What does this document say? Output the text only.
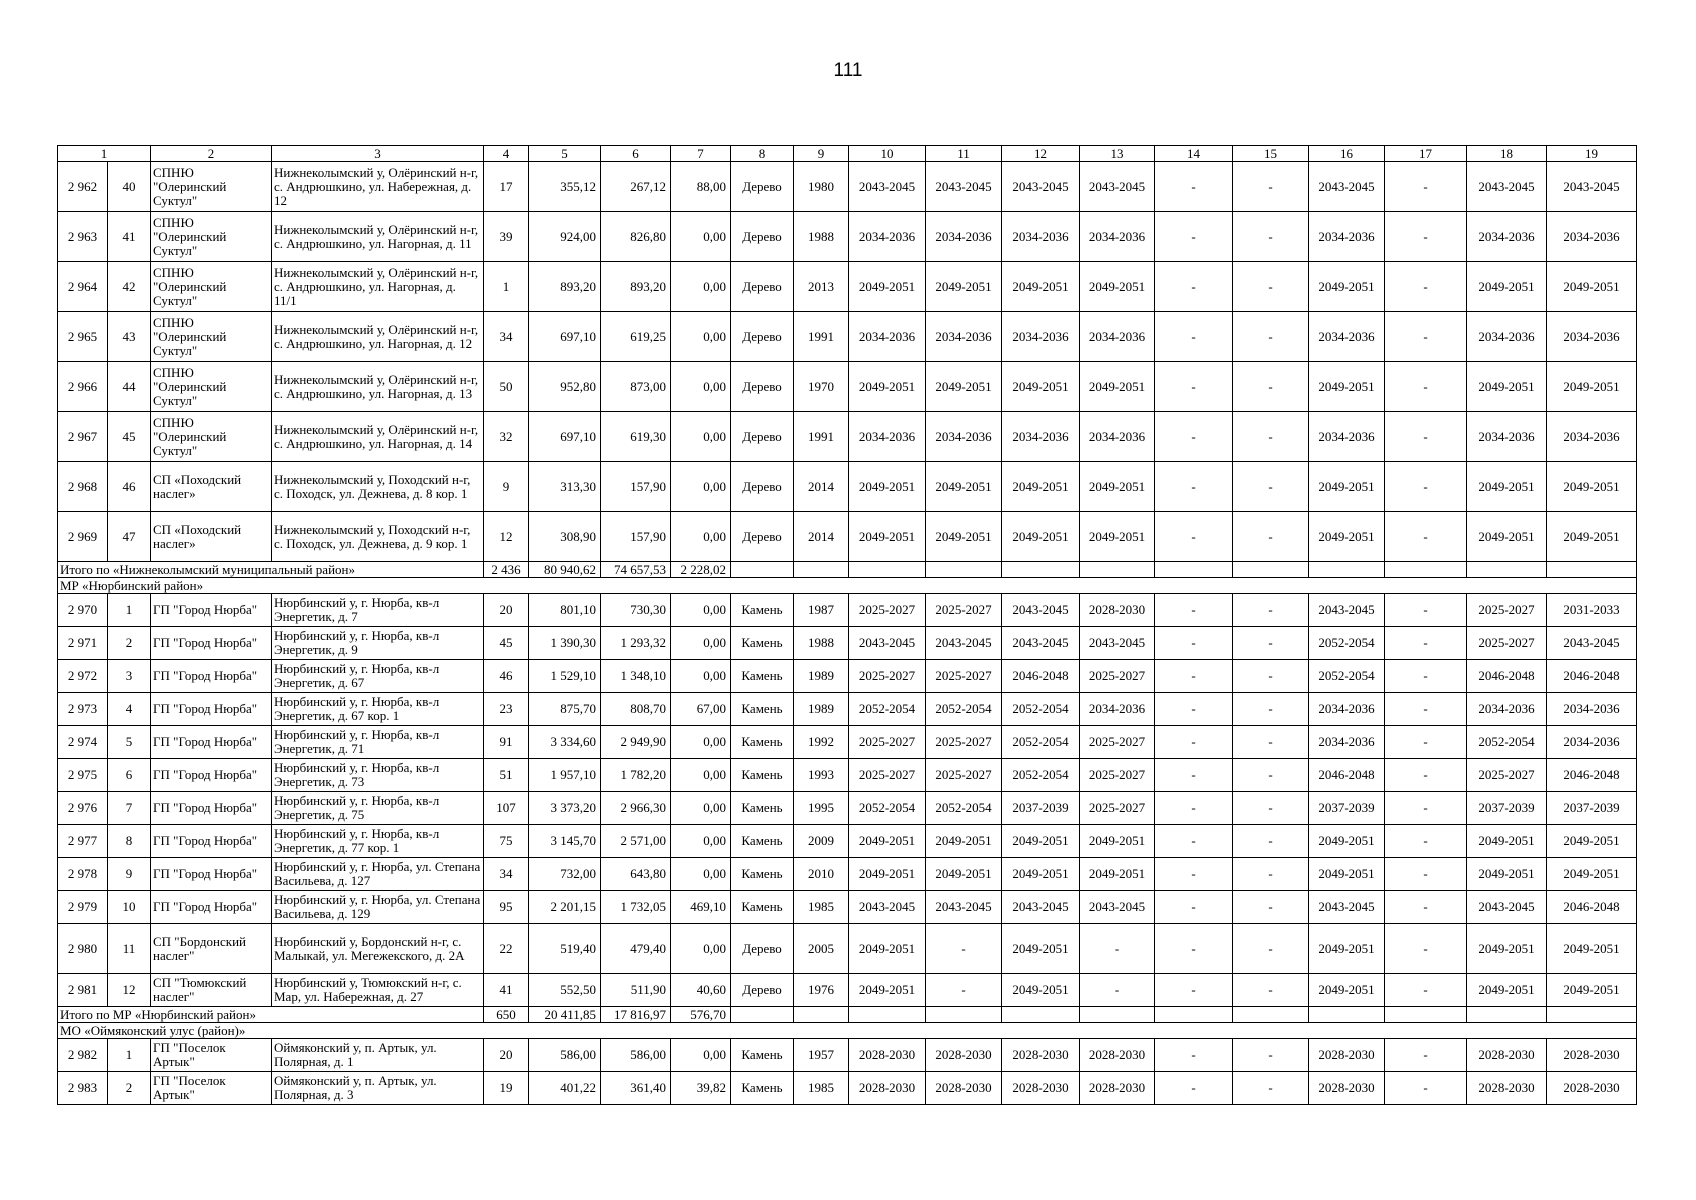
111
1		2	3	4	5	6	7	8	9	10	11	12	13	14	15	16	17	18	19
2 962	40	СПНЮ "Олеринский Суктул"	Нижнеколымский у, Олёринский н-г, с. Андрюшкино, ул. Набережная, д. 12	17	355,12	267,12	88,00	Дерево	1980	2043-2045	2043-2045	2043-2045	2043-2045	-	-	2043-2045	-	2043-2045	2043-2045
2 963	41	СПНЮ "Олеринский Суктул"	Нижнеколымский у, Олёринский н-г, с. Андрюшкино, ул. Нагорная, д. 11	39	924,00	826,80	0,00	Дерево	1988	2034-2036	2034-2036	2034-2036	2034-2036	-	-	2034-2036	-	2034-2036	2034-2036
2 964	42	СПНЮ "Олеринский Суктул"	Нижнеколымский у, Олёринский н-г, с. Андрюшкино, ул. Нагорная, д. 11/1	1	893,20	893,20	0,00	Дерево	2013	2049-2051	2049-2051	2049-2051	2049-2051	-	-	2049-2051	-	2049-2051	2049-2051
2 965	43	СПНЮ "Олеринский Суктул"	Нижнеколымский у, Олёринский н-г, с. Андрюшкино, ул. Нагорная, д. 12	34	697,10	619,25	0,00	Дерево	1991	2034-2036	2034-2036	2034-2036	2034-2036	-	-	2034-2036	-	2034-2036	2034-2036
2 966	44	СПНЮ "Олеринский Суктул"	Нижнеколымский у, Олёринский н-г, с. Андрюшкино, ул. Нагорная, д. 13	50	952,80	873,00	0,00	Дерево	1970	2049-2051	2049-2051	2049-2051	2049-2051	-	-	2049-2051	-	2049-2051	2049-2051
2 967	45	СПНЮ "Олеринский Суктул"	Нижнеколымский у, Олёринский н-г, с. Андрюшкино, ул. Нагорная, д. 14	32	697,10	619,30	0,00	Дерево	1991	2034-2036	2034-2036	2034-2036	2034-2036	-	-	2034-2036	-	2034-2036	2034-2036
2 968	46	СП «Походский наслег»	Нижнеколымский у, Походский н-г, с. Походск, ул. Дежнева, д. 8 кор. 1	9	313,30	157,90	0,00	Дерево	2014	2049-2051	2049-2051	2049-2051	2049-2051	-	-	2049-2051	-	2049-2051	2049-2051
2 969	47	СП «Походский наслег»	Нижнеколымский у, Походский н-г, с. Походск, ул. Дежнева, д. 9 кор. 1	12	308,90	157,90	0,00	Дерево	2014	2049-2051	2049-2051	2049-2051	2049-2051	-	-	2049-2051	-	2049-2051	2049-2051
Итого по «Нижнеколымский муниципальный район»				2 436	80 940,62	74 657,53	2 228,02												
МР «Нюрбинский район»																			
2 970	1	ГП "Город Нюрба"	Нюрбинский у, г. Нюрба, кв-л Энергетик, д. 7	20	801,10	730,30	0,00	Камень	1987	2025-2027	2025-2027	2043-2045	2028-2030	-	-	2043-2045	-	2025-2027	2031-2033
2 971	2	ГП "Город Нюрба"	Нюрбинский у, г. Нюрба, кв-л Энергетик, д. 9	45	1 390,30	1 293,32	0,00	Камень	1988	2043-2045	2043-2045	2043-2045	2043-2045	-	-	2052-2054	-	2025-2027	2043-2045
2 972	3	ГП "Город Нюрба"	Нюрбинский у, г. Нюрба, кв-л Энергетик, д. 67	46	1 529,10	1 348,10	0,00	Камень	1989	2025-2027	2025-2027	2046-2048	2025-2027	-	-	2052-2054	-	2046-2048	2046-2048
2 973	4	ГП "Город Нюрба"	Нюрбинский у, г. Нюрба, кв-л Энергетик, д. 67 кор. 1	23	875,70	808,70	67,00	Камень	1989	2052-2054	2052-2054	2052-2054	2034-2036	-	-	2034-2036	-	2034-2036	2034-2036
2 974	5	ГП "Город Нюрба"	Нюрбинский у, г. Нюрба, кв-л Энергетик, д. 71	91	3 334,60	2 949,90	0,00	Камень	1992	2025-2027	2025-2027	2052-2054	2025-2027	-	-	2034-2036	-	2052-2054	2034-2036
2 975	6	ГП "Город Нюрба"	Нюрбинский у, г. Нюрба, кв-л Энергетик, д. 73	51	1 957,10	1 782,20	0,00	Камень	1993	2025-2027	2025-2027	2052-2054	2025-2027	-	-	2046-2048	-	2025-2027	2046-2048
2 976	7	ГП "Город Нюрба"	Нюрбинский у, г. Нюрба, кв-л Энергетик, д. 75	107	3 373,20	2 966,30	0,00	Камень	1995	2052-2054	2052-2054	2037-2039	2025-2027	-	-	2037-2039	-	2037-2039	2037-2039
2 977	8	ГП "Город Нюрба"	Нюрбинский у, г. Нюрба, кв-л Энергетик, д. 77 кор. 1	75	3 145,70	2 571,00	0,00	Камень	2009	2049-2051	2049-2051	2049-2051	2049-2051	-	-	2049-2051	-	2049-2051	2049-2051
2 978	9	ГП "Город Нюрба"	Нюрбинский у, г. Нюрба, ул. Степана Васильева, д. 127	34	732,00	643,80	0,00	Камень	2010	2049-2051	2049-2051	2049-2051	2049-2051	-	-	2049-2051	-	2049-2051	2049-2051
2 979	10	ГП "Город Нюрба"	Нюрбинский у, г. Нюрба, ул. Степана Васильева, д. 129	95	2 201,15	1 732,05	469,10	Камень	1985	2043-2045	2043-2045	2043-2045	2043-2045	-	-	2043-2045	-	2043-2045	2046-2048
2 980	11	СП "Бордонский наслег"	Нюрбинский у, Бордонский н-г, с. Малыкай, ул. Мегежекского, д. 2А	22	519,40	479,40	0,00	Дерево	2005	2049-2051	-	2049-2051	-	-	-	2049-2051	-	2049-2051	2049-2051
2 981	12	СП "Тюмюкский наслег"	Нюрбинский у, Тюмюкский н-г, с. Мар, ул. Набережная, д. 27	41	552,50	511,90	40,60	Дерево	1976	2049-2051	-	2049-2051	-	-	-	2049-2051	-	2049-2051	2049-2051
Итого по МР «Нюрбинский район»				650	20 411,85	17 816,97	576,70												
МО «Оймяконский улус (район)»																			
2 982	1	ГП "Поселок Артык"	Оймяконский у, п. Артык, ул. Полярная, д. 1	20	586,00	586,00	0,00	Камень	1957	2028-2030	2028-2030	2028-2030	2028-2030	-	-	2028-2030	-	2028-2030	2028-2030
2 983	2	ГП "Поселок Артык"	Оймяконский у, п. Артык, ул. Полярная, д. 3	19	401,22	361,40	39,82	Камень	1985	2028-2030	2028-2030	2028-2030	2028-2030	-	-	2028-2030	-	2028-2030	2028-2030
